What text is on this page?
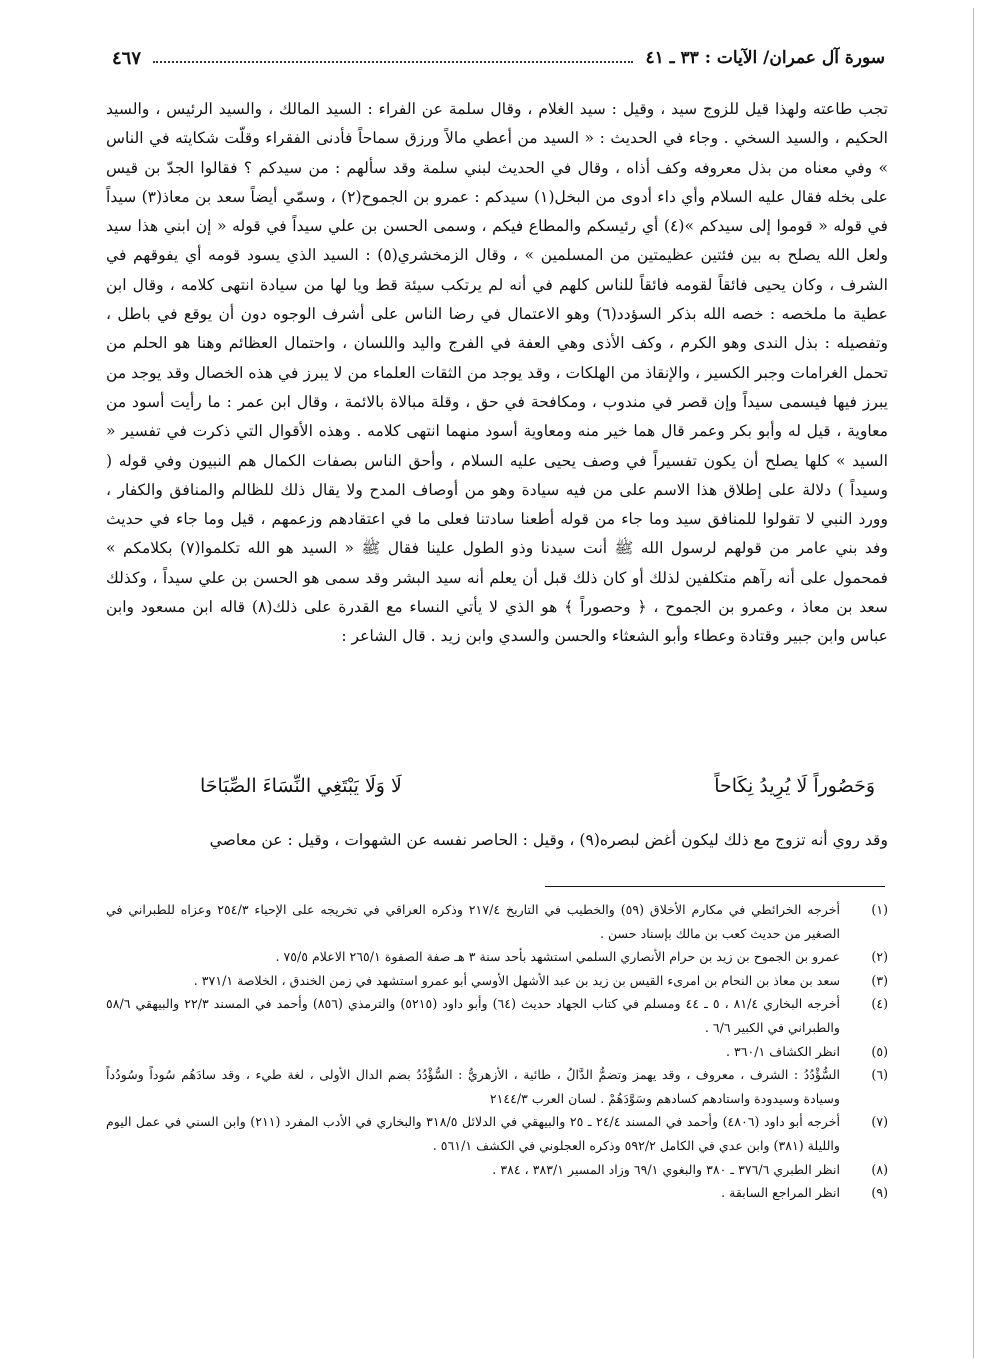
سورة آل عمران/ الآيات : ٣٣ ـ ٤١
٤٦٧

تجب طاعته ولهذا قيل للزوج سيد ، وقيل : سيد الغلام ، وقال سلمة عن الفراء : السيد المالك ، والسيد الرئيس ، والسيد الحكيم ، والسيد السخي . وجاء في الحديث : « السيد من أعطي مالاً ورزق سماحاً فأدنى الفقراء وقلّت شكايته في الناس » وفي معناه من بذل معروفه وكف أذاه ، وقال في الحديث لبني سلمة وقد سألهم : من سيدكم ؟ فقالوا الجدّ بن قيس على بخله فقال عليه السلام وأي داء أدوى من البخل(١) سيدكم : عمرو بن الجموح(٢) ، وسمّي أيضاً سعد بن معاذ(٣) سيداً في قوله « قوموا إلى سيدكم »(٤) أي رئيسكم والمطاع فيكم ، وسمى الحسن بن علي سيداً في قوله « إن ابني هذا سيد ولعل الله يصلح به بين فئتين عظيمتين من المسلمين » ، وقال الزمخشري(٥) : السيد الذي يسود قومه أي يفوقهم في الشرف ، وكان يحيى فائقاً لقومه فائقاً للناس كلهم في أنه لم يرتكب سيئة قط ويا لها من سيادة انتهى كلامه ، وقال ابن عطية ما ملخصه : خصه الله بذكر السؤدد(٦) وهو الاعتمال في رضا الناس على أشرف الوجوه دون أن يوقع في باطل ، وتفصيله : بذل الندى وهو الكرم ، وكف الأذى وهي العفة في الفرج واليد واللسان ، واحتمال العظائم وهنا هو الحلم من تحمل الغرامات وجبر الكسير ، والإنقاذ من الهلكات ، وقد يوجد من الثقات العلماء من لا يبرز في هذه الخصال وقد يوجد من يبرز فيها فيسمى سيداً وإن قصر في مندوب ، ومكافحة في حق ، وقلة مبالاة بالائمة ، وقال ابن عمر : ما رأيت أسود من معاوية ، قيل له وأبو بكر وعمر قال هما خير منه ومعاوية أسود منهما انتهى كلامه . وهذه الأقوال التي ذكرت في تفسير « السيد » كلها يصلح أن يكون تفسيراً في وصف يحيى عليه السلام ، وأحق الناس بصفات الكمال هم النبيون وفي قوله ( وسيداً ) دلالة على إطلاق هذا الاسم على من فيه سيادة وهو من أوصاف المدح ولا يقال ذلك للظالم والمنافق والكفار ، وورد النبي لا تقولوا للمنافق سيد وما جاء من قوله أطعنا سادتنا فعلى ما في اعتقادهم وزعمهم ، قيل وما جاء في حديث وفد بني عامر من قولهم لرسول الله ﷺ أنت سيدنا وذو الطول علينا فقال ﷺ « السيد هو الله تكلموا(٧) بكلامكم » فمحمول على أنه رآهم متكلفين لذلك أو كان ذلك قبل أن يعلم أنه سيد البشر وقد سمى هو الحسن بن علي سيداً ، وكذلك سعد بن معاذ ، وعمرو بن الجموح ، ﴿ وحصوراً ﴾ هو الذي لا يأتي النساء مع القدرة على ذلك(٨) قاله ابن مسعود وابن عباس وابن جبير وقتادة وعطاء وأبو الشعثاء والحسن والسدي وابن زيد . قال الشاعر :

وَحَصُوراً لَا يُرِيدُ نِكَاحاً
لَا وَلَا يَبْتَغِي النِّسَاءَ الصِّبَاحَا

وقد روي أنه تزوج مع ذلك ليكون أغض لبصره(٩) ، وقيل : الحاصر نفسه عن الشهوات ، وقيل : عن معاصي

(١)
أخرجه الخرائطي في مكارم الأخلاق (٥٩) والخطيب في التاريخ ٢١٧/٤ وذكره العراقي في تخريجه على الإحياء ٢٥٤/٣ وعزاه للطبراني في الصغير من حديث كعب بن مالك بإسناد حسن .
(٢)
عمرو بن الجموح بن زيد بن حرام الأنصاري السلمي استشهد بأحد سنة ٣ هـ صفة الصفوة ٢٦٥/١ الاعلام ٧٥/٥ .
(٣)
سعد بن معاذ بن النحام بن امرىء القيس بن زيد بن عبد الأشهل الأوسي أبو عمرو استشهد في زمن الخندق ، الخلاصة ٣٧١/١ .
(٤)
أخرجه البخاري ٨١/٤ ، ٥ ـ ٤٤ ومسلم في كتاب الجهاد حديث (٦٤) وأبو داود (٥٢١٥) والترمذي (٨٥٦) وأحمد في المسند ٢٢/٣ والبيهقي ٥٨/٦ والطبراني في الكبير ٦/٦ .
(٥)
انظر الكشاف ٣٦٠/١ .
(٦)
السُّؤْدُدُ : الشرف ، معروف ، وقد يهمز وتضمُّ الدَّالُ ، طائية ، الأزهريُّ : السُّؤْدُدُ بضم الدال الأولى ، لغة طيء ، وقد سادَهُم سُوداً وسُودُداً وسيادة وسيدودة واستادهم كسادهم وسَوَّدَهُمْ . لسان العرب ٢١٤٤/٣
(٧)
أخرجه أبو داود (٤٨٠٦) وأحمد في المسند ٢٤/٤ ـ ٢٥ والبيهقي في الدلائل ٣١٨/٥ والبخاري في الأدب المفرد (٢١١) وابن السني في عمل اليوم والليلة (٣٨١) وابن عدي في الكامل ٥٩٢/٢ وذكره العجلوني في الكشف ٥٦١/١ .
(٨)
انظر الطبري ٣٧٦/٦ ـ ٣٨٠ والبغوي ٦٩/١ وزاد المسير ٣٨٣/١ ، ٣٨٤ .
(٩)
انظر المراجع السابقة .
